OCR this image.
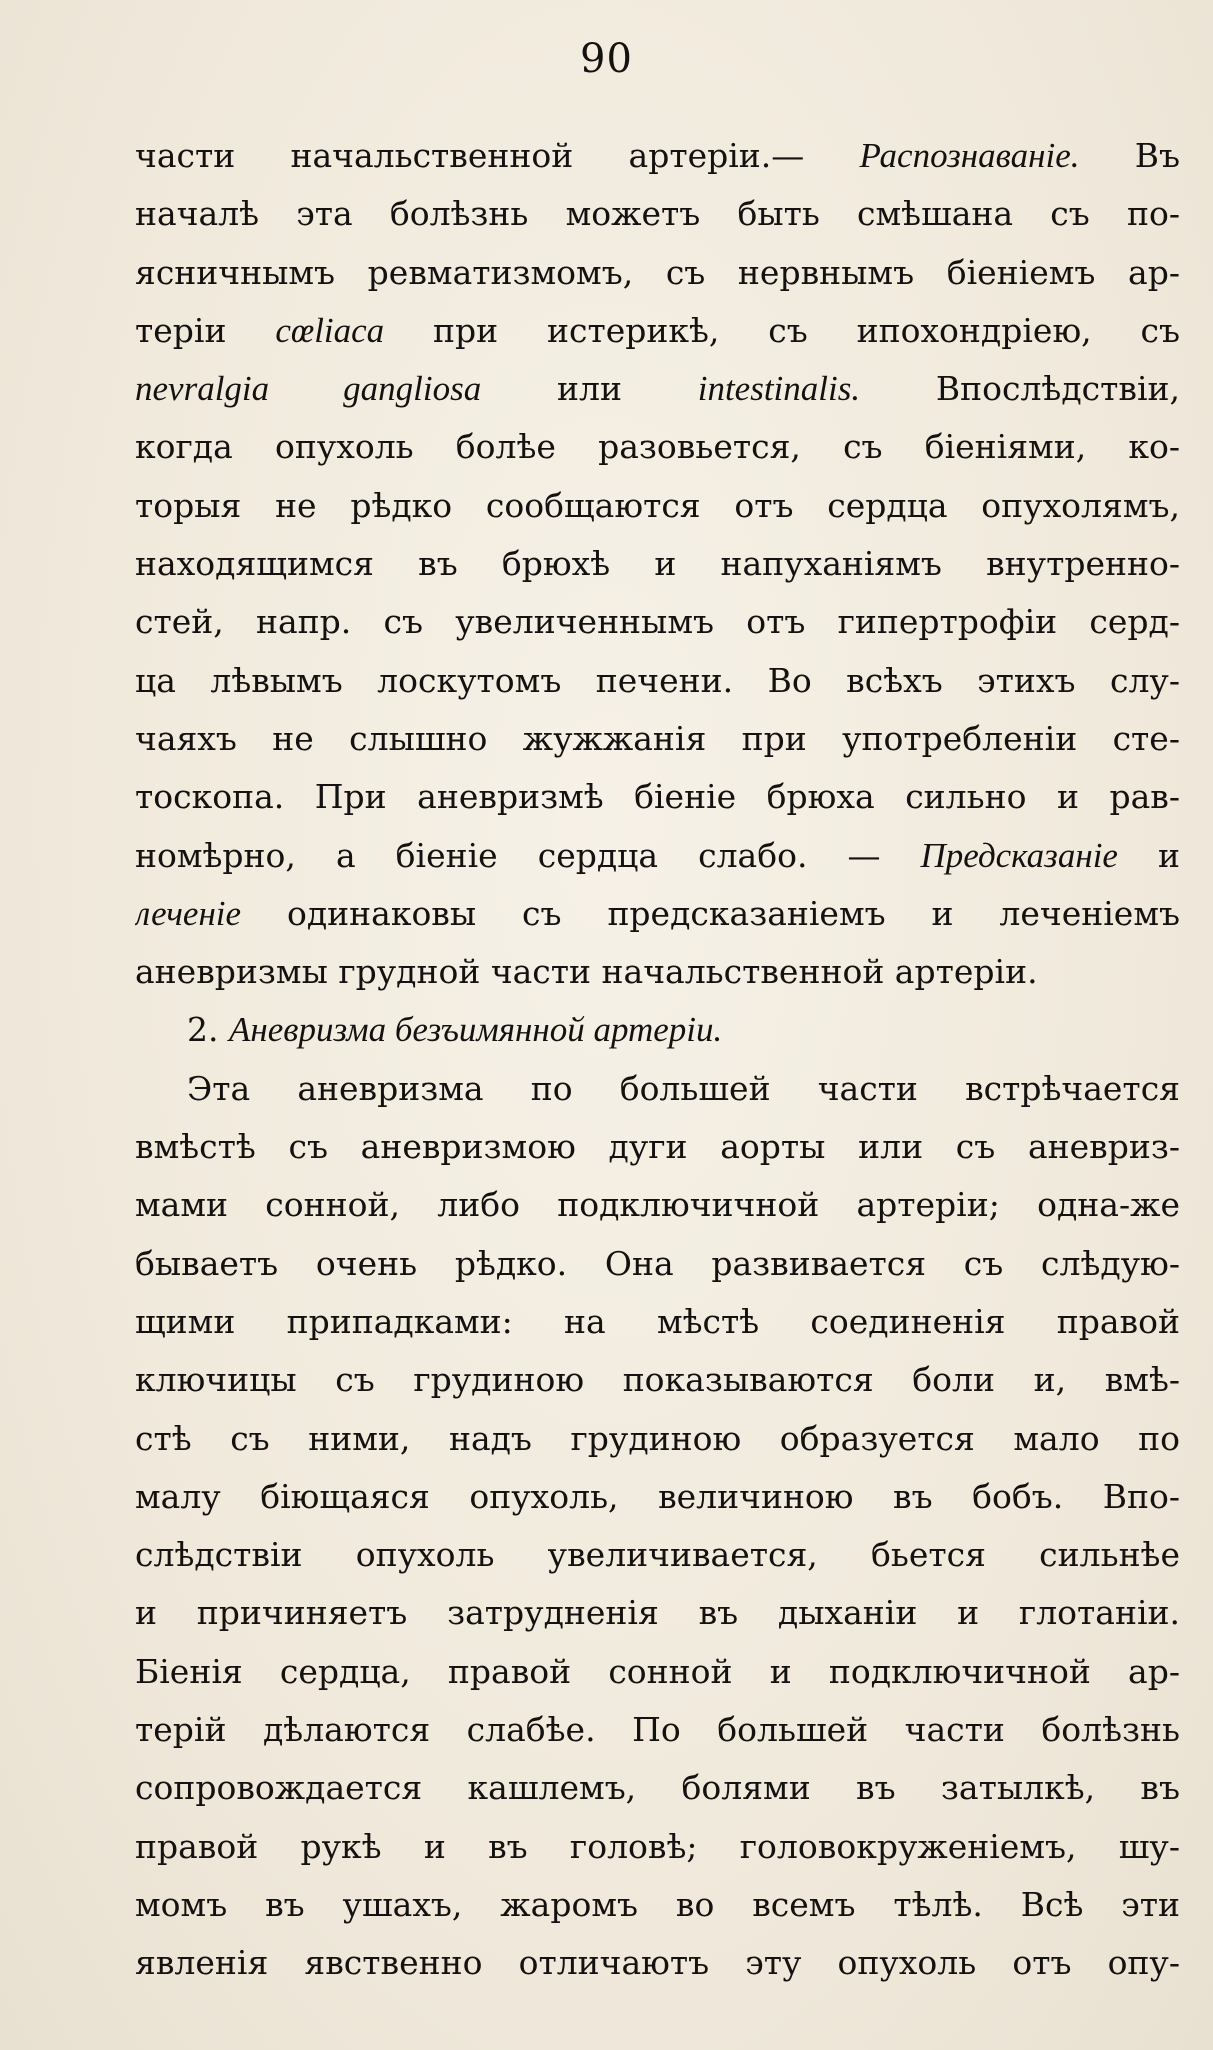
90
части начальственной артеріи.— Распознаваніе. Въ
началѣ эта болѣзнь можетъ быть смѣшана съ по-
ясничнымъ ревматизмомъ, съ нервнымъ біеніемъ ар-
теріи cœliaca при истерикѣ, съ ипохондріею, съ
nevralgia gangliosa или intestinalis. Впослѣдствіи,
когда опухоль болѣе разовьется, съ біеніями, ко-
торыя не рѣдко сообщаются отъ сердца опухолямъ,
находящимся въ брюхѣ и напуханіямъ внутренно-
стей, напр. съ увеличеннымъ отъ гипертрофіи серд-
ца лѣвымъ лоскутомъ печени. Во всѣхъ этихъ слу-
чаяхъ не слышно жужжанія при употребленіи сте-
тоскопа. При аневризмѣ біеніе брюха сильно и рав-
номѣрно, а біеніе сердца слабо. — Предсказаніе и
леченіе одинаковы съ предсказаніемъ и леченіемъ
аневризмы грудной части начальственной артеріи.
2. Аневризма безъимянной артеріи.
Эта аневризма по большей части встрѣчается
вмѣстѣ съ аневризмою дуги аорты или съ аневриз-
мами сонной, либо подключичной артеріи; одна-же
бываетъ очень рѣдко. Она развивается съ слѣдую-
щими припадками: на мѣстѣ соединенія правой
ключицы съ грудиною показываются боли и, вмѣ-
стѣ съ ними, надъ грудиною образуется мало по
малу біющаяся опухоль, величиною въ бобъ. Впо-
слѣдствіи опухоль увеличивается, бьется сильнѣе
и причиняетъ затрудненія въ дыханіи и глотаніи.
Біенія сердца, правой сонной и подключичной ар-
терій дѣлаются слабѣе. По большей части болѣзнь
сопровождается кашлемъ, болями въ затылкѣ, въ
правой рукѣ и въ головѣ; головокруженіемъ, шу-
момъ въ ушахъ, жаромъ во всемъ тѣлѣ. Всѣ эти
явленія явственно отличаютъ эту опухоль отъ опу-
